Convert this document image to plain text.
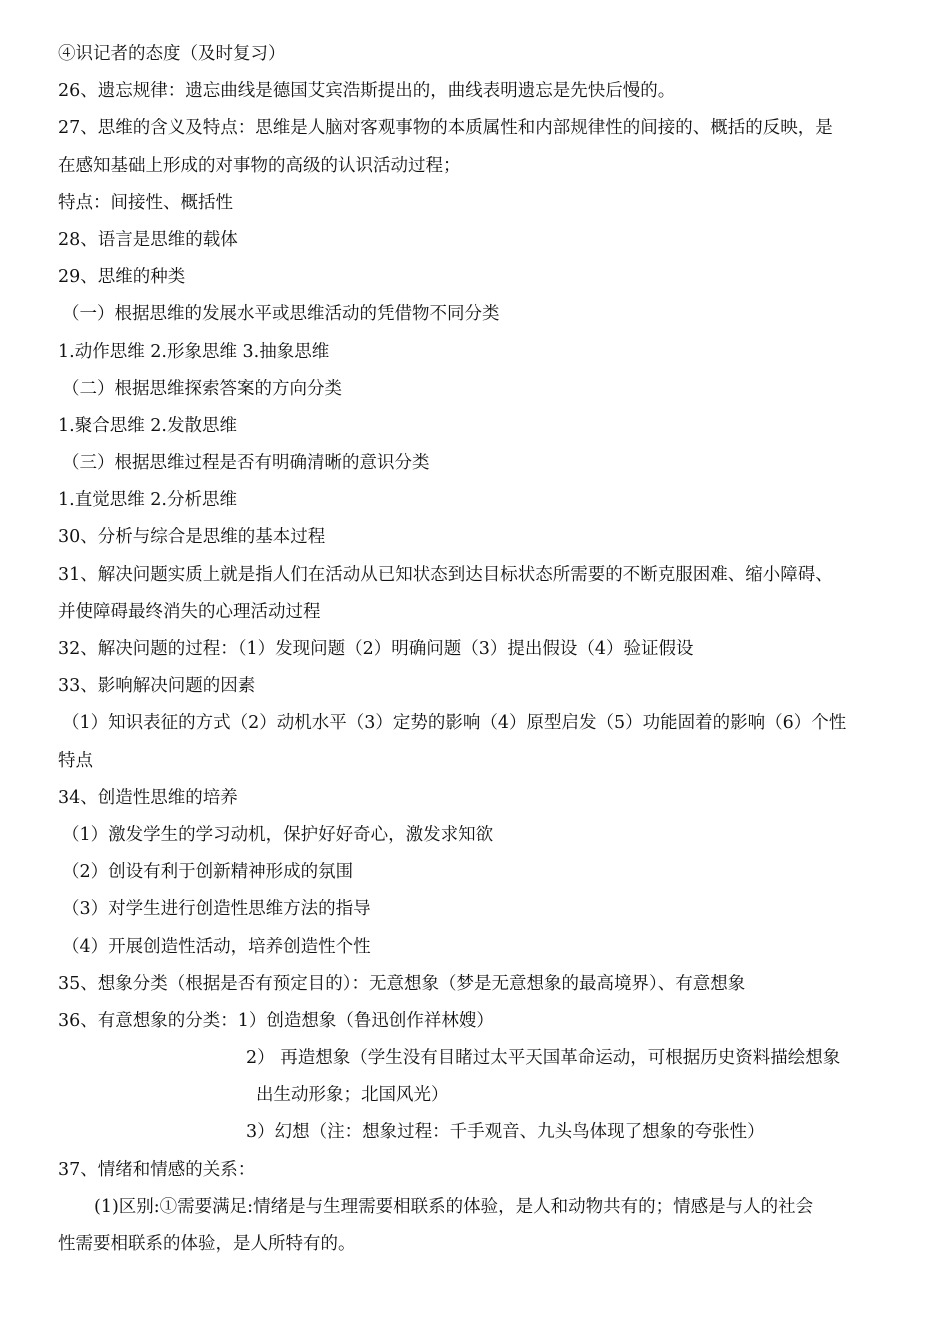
④识记者的态度（及时复习）
26、遗忘规律：遗忘曲线是德国艾宾浩斯提出的，曲线表明遗忘是先快后慢的。
27、思维的含义及特点：思维是人脑对客观事物的本质属性和内部规律性的间接的、概括的反映，是
在感知基础上形成的对事物的高级的认识活动过程；
特点：间接性、概括性
28、语言是思维的载体
29、思维的种类
（一）根据思维的发展水平或思维活动的凭借物不同分类
1.动作思维 2.形象思维 3.抽象思维
（二）根据思维探索答案的方向分类
1.聚合思维 2.发散思维
（三）根据思维过程是否有明确清晰的意识分类
1.直觉思维 2.分析思维
30、分析与综合是思维的基本过程
31、解决问题实质上就是指人们在活动从已知状态到达目标状态所需要的不断克服困难、缩小障碍、
并使障碍最终消失的心理活动过程
32、解决问题的过程：（1）发现问题（2）明确问题（3）提出假设（4）验证假设
33、影响解决问题的因素
（1）知识表征的方式（2）动机水平（3）定势的影响（4）原型启发（5）功能固着的影响（6）个性
特点
34、创造性思维的培养
（1）激发学生的学习动机，保护好好奇心，激发求知欲
（2）创设有利于创新精神形成的氛围
（3）对学生进行创造性思维方法的指导
（4）开展创造性活动，培养创造性个性
35、想象分类（根据是否有预定目的）：无意想象（梦是无意想象的最高境界）、有意想象
36、有意想象的分类：1）创造想象（鲁迅创作祥林嫂）
2） 再造想象（学生没有目睹过太平天国革命运动，可根据历史资料描绘想象
出生动形象；北国风光）
3）幻想（注：想象过程：千手观音、九头鸟体现了想象的夸张性）
37、情绪和情感的关系：
(1)区别:①需要满足:情绪是与生理需要相联系的体验，是人和动物共有的；情感是与人的社会
性需要相联系的体验，是人所特有的。
